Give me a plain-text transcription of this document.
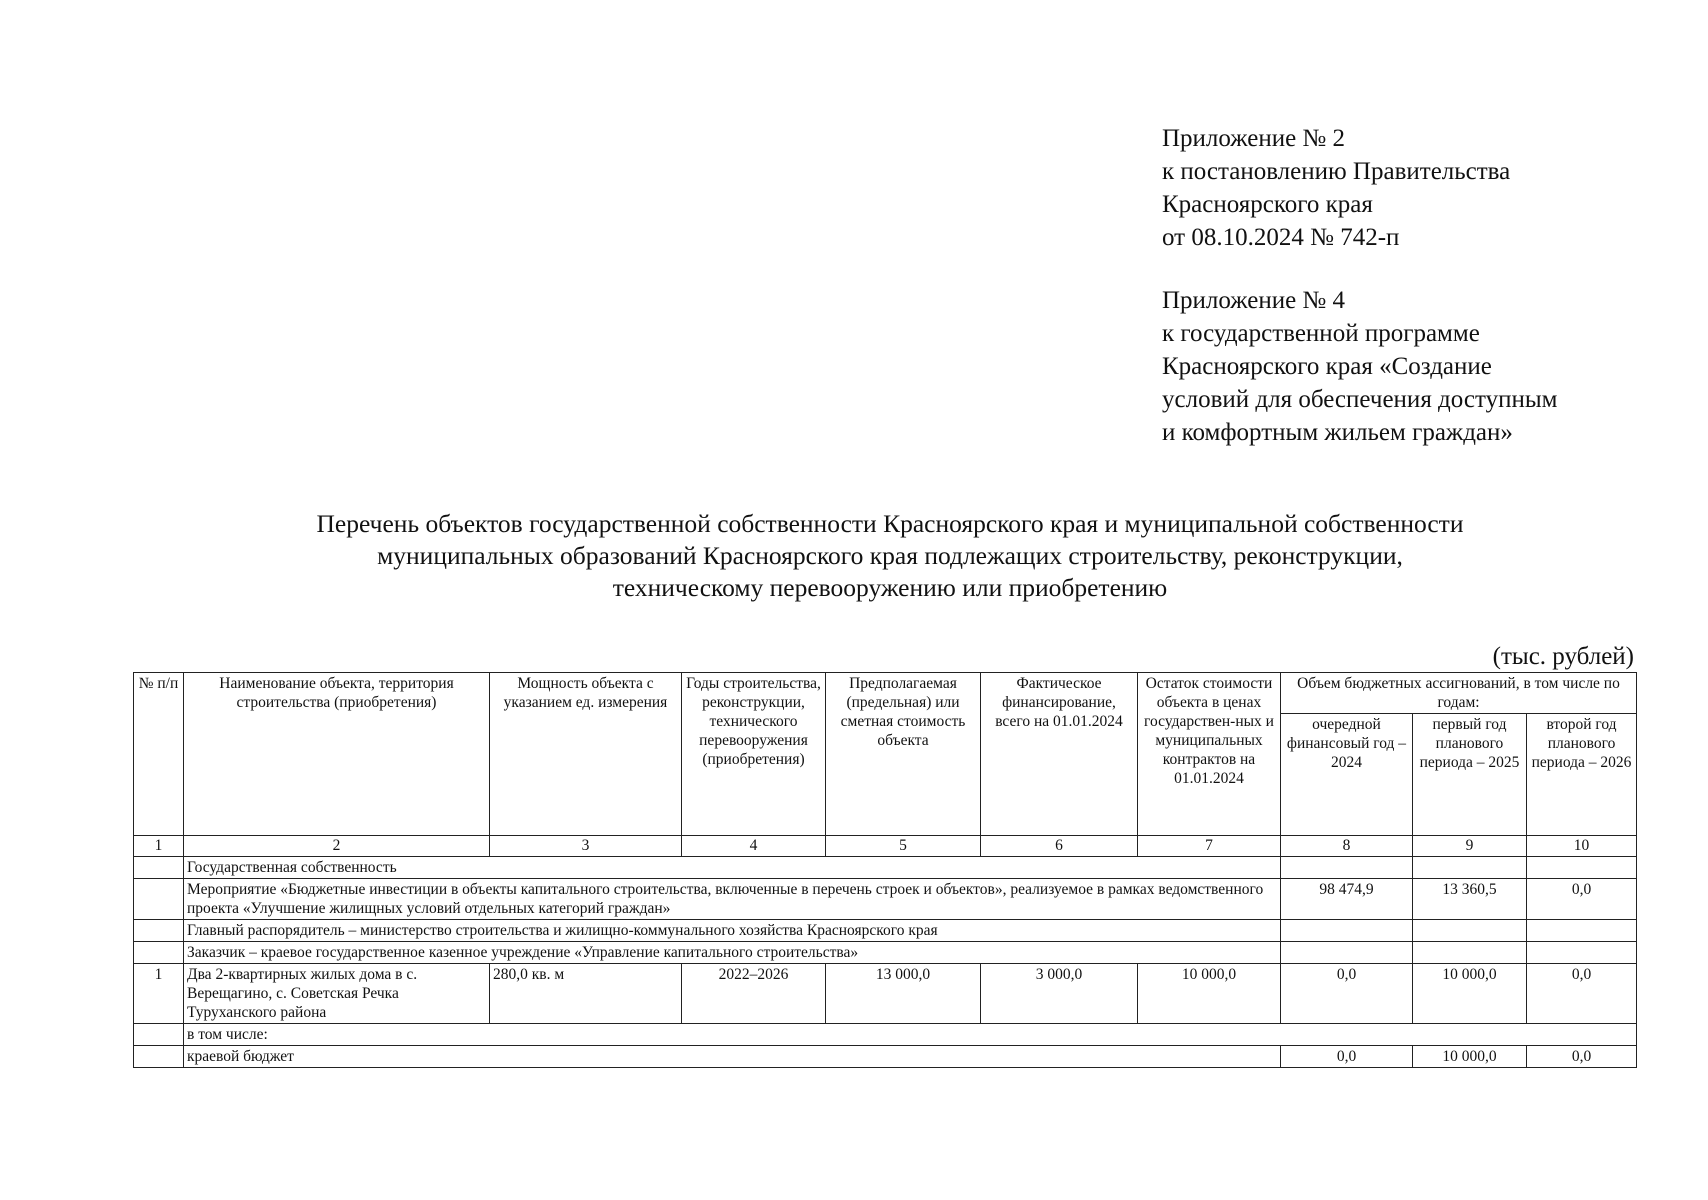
Приложение № 2
к постановлению Правительства
Красноярского края
от 08.10.2024 № 742-п
Приложение № 4
к государственной программе
Красноярского края «Создание
условий для обеспечения доступным
и комфортным жильем граждан»
Перечень объектов государственной собственности Красноярского края и муниципальной собственности
муниципальных образований Красноярского края подлежащих строительству, реконструкции,
техническому перевооружению или приобретению
(тыс. рублей)
№ п/п	Наименование объекта, территория строительства (приобретения)	Мощность объекта с указанием ед. измерения	Годы строительства, реконструкции, технического перевооружения (приобретения)	Предполагаемая (предельная) или сметная стоимость объекта	Фактическое финансирование, всего на 01.01.2024	Остаток стоимости объекта в ценах государствен-ных и муниципальных контрактов на 01.01.2024	Объем бюджетных ассигнований, в том числе по годам:		
							очередной финансовый год – 2024	первый год планового периода – 2025	второй год планового периода – 2026
1	2	3	4	5	6	7	8	9	10
	Государственная собственность								
	Мероприятие «Бюджетные инвестиции в объекты капитального строительства, включенные в перечень строек и объектов», реализуемое в рамках ведомственного проекта «Улучшение жилищных условий отдельных категорий граждан»						98 474,9	13 360,5	0,0
	Главный распорядитель – министерство строительства и жилищно-коммунального хозяйства Красноярского края								
	Заказчик – краевое государственное казенное учреждение «Управление капитального строительства»								
1	Два 2-квартирных жилых дома в с. Верещагино, с. Советская Речка Туруханского района	280,0 кв. м	2022–2026	13 000,0	3 000,0	10 000,0	0,0	10 000,0	0,0
	в том числе:								
	краевой бюджет						0,0	10 000,0	0,0
